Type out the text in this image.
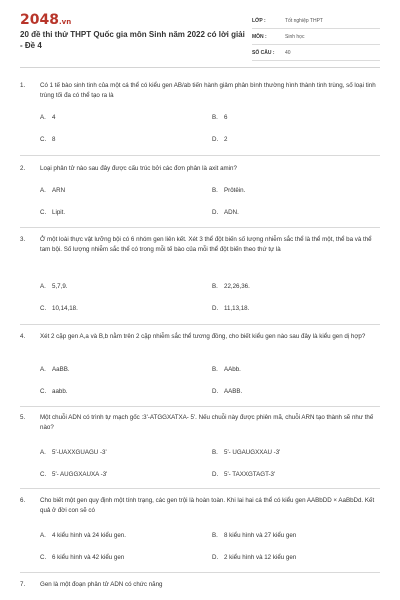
2048.vn
20 đề thi thử THPT Quốc gia môn Sinh năm 2022 có lời giải - Đề 4
LỚP :	Tốt nghiệp THPT
MÔN :	Sinh học
SỐ CÂU :	40
1. Có 1 tế bào sinh tinh của một cá thể có kiểu gen AB/ab tiến hành giảm phân bình thường hình thành tinh trùng, số loại tinh trùng tối đa có thể tạo ra là
A. 4	B. 6
C. 8	D. 2
2. Loại phân tử nào sau đây được cấu trúc bởi các đơn phân là axit amin?
A. ARN	B. Prôtêin.
C. Lipit.	D. ADN.
3. Ở một loài thực vật lưỡng bội có 6 nhóm gen liên kết. Xét 3 thể đột biến số lượng nhiễm sắc thể là thể một, thể ba và thể tam bội. Số lượng nhiễm sắc thể có trong mỗi tế bào của mỗi thể đột biến theo thứ tự là
A. 5,7,9.	B. 22,26,36.
C. 10,14,18.	D. 11,13,18.
4. Xét 2 cặp gen A,a và B,b nằm trên 2 cặp nhiễm sắc thể tương đồng, cho biết kiểu gen nào sau đây là kiểu gen dị hợp?
A. AaBB.	B. AAbb.
C. aabb.	D. AABB.
5. Một chuỗi ADN có trình tự mạch gốc :3'-ATGGXATXA- 5'. Nếu chuỗi này được phiên mã, chuỗi ARN tạo thành sẽ như thế nào?
A. 5'-UAXXGUAGU -3'	B. 5'- UGAUGXXAU -3'
C. 5'- AUGGXAUXA -3'	D. 5'- TAXXGTAGT-3'
6. Cho biết một gen quy định một tính trạng, các gen trội là hoàn toàn. Khi lai hai cá thể có kiểu gen AABbDD × AaBbDd. Kết quả ở đời con sẽ có
A. 4 kiểu hình và 24 kiểu gen.	B. 8 kiểu hình và 27 kiểu gen
C. 6 kiểu hình và 42 kiểu gen	D. 2 kiểu hình và 12 kiểu gen
7. Gen là một đoạn phân tử ADN có chức năng
